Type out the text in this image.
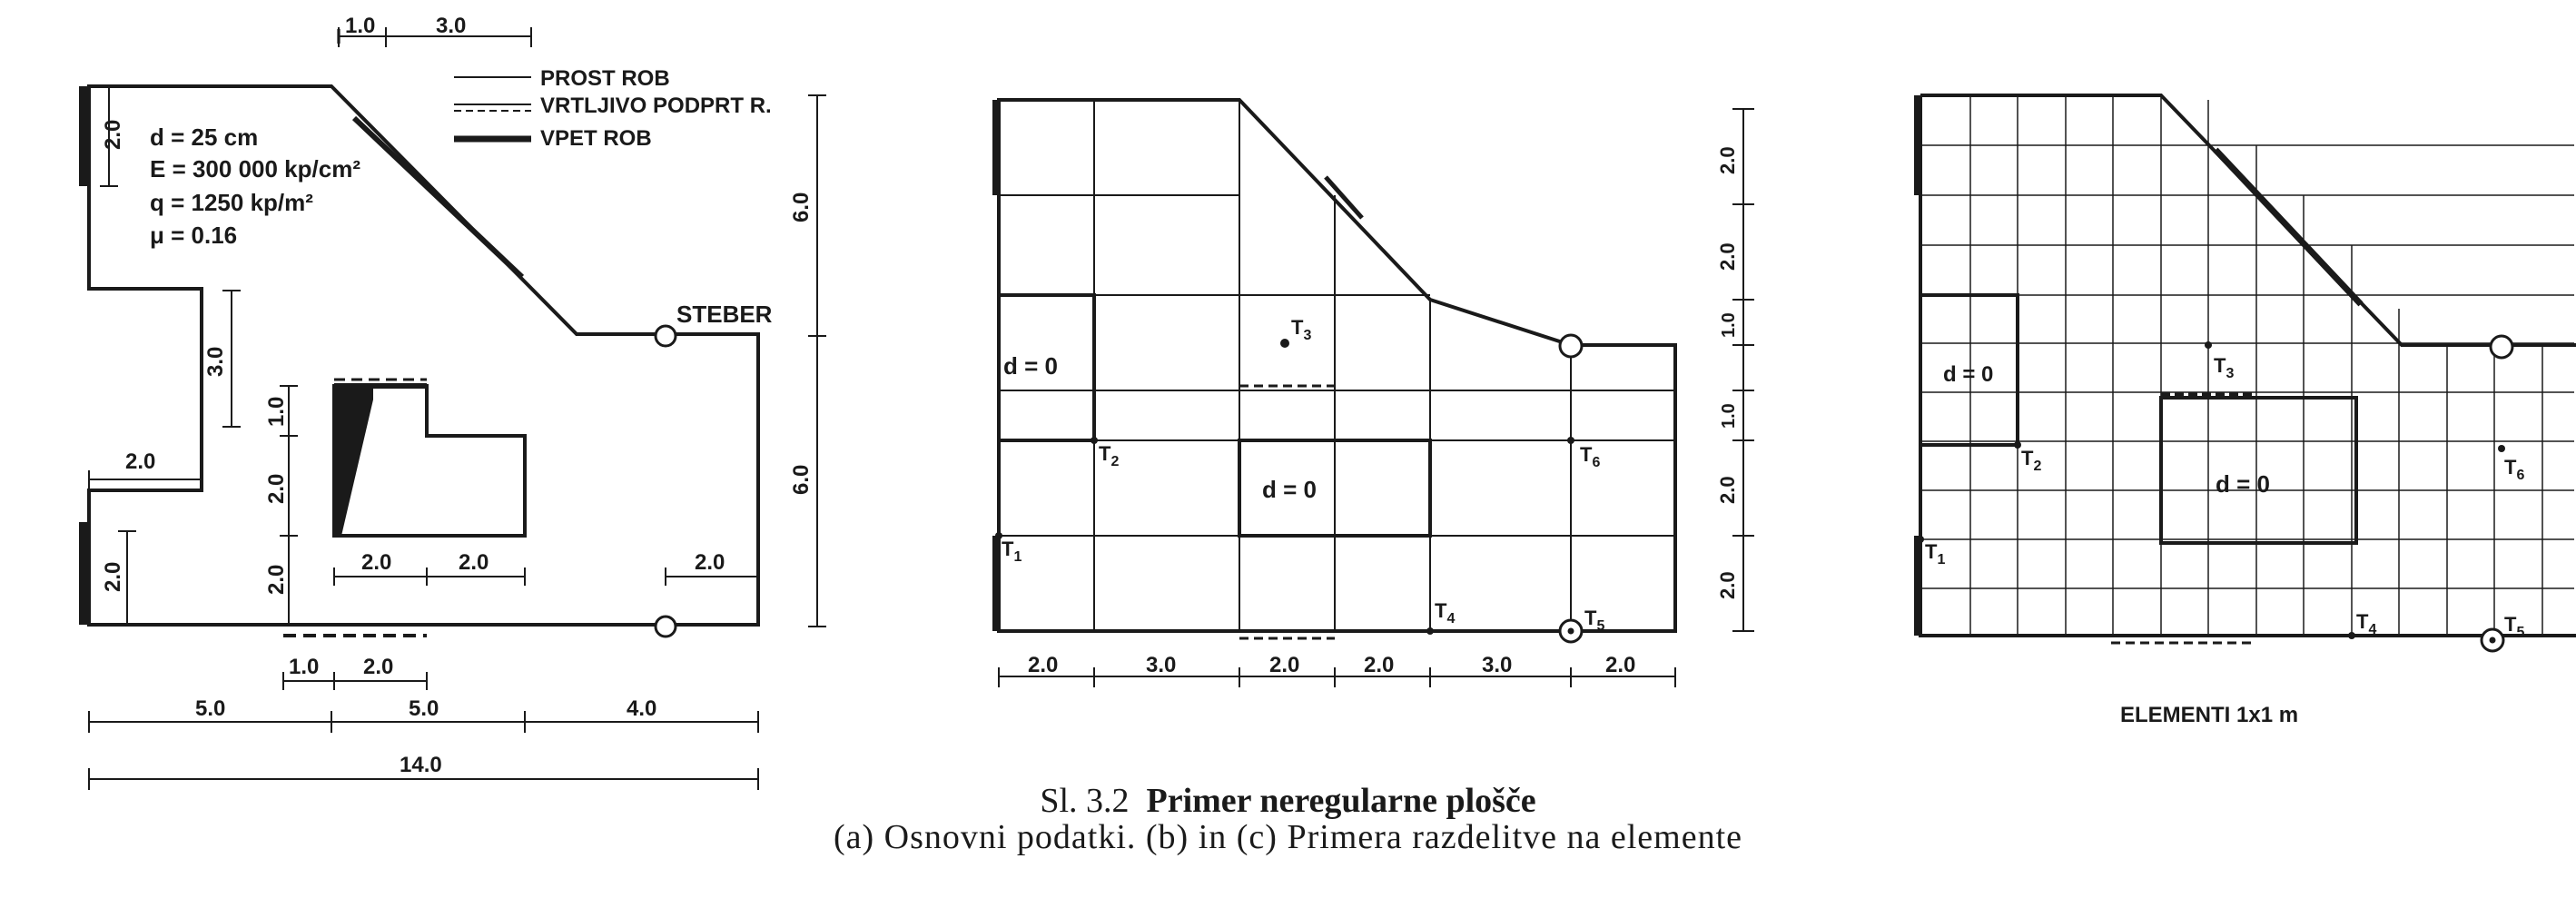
PROST ROB
VRTLJIVO PODPRT R.
VPET ROB
d = 25 cm
E = 300 000 kp/cm²
q = 1250 kp/m²
μ = 0.16
STEBER
1.0	3.0
2.0
3.0
2.0
2.0
6.0
6.0
1.0
2.0
2.0
2.0	2.0	2.0
1.0 2.0
5.0	5.0	4.0
14.0
d = 0
d = 0
$T_1$
$T_2$
$T_3$
$T_4$	$T_5$
$T_6$
2.0	3.0	2.0	2.0	3.0	2.0
2.0
2.0
1.0
1.0
2.0
2.0
d = 0
d = 0
$T_1$
$T_2$
$T_3$
$T_4$	$T_5$
$T_6$
ELEMENTI 1x1 m
Sl. 3.2 Primer neregularne plošče
(a) Osnovni podatki. (b) in (c) Primera razdelitve na elemente
